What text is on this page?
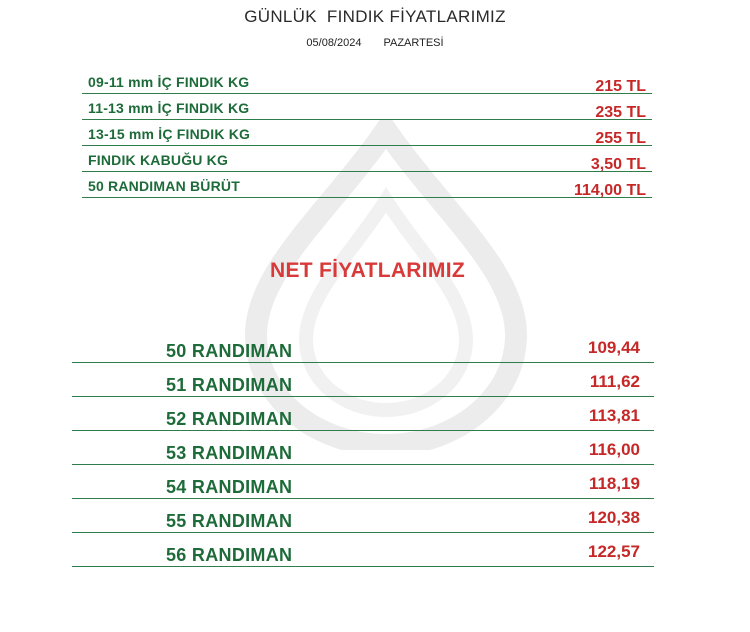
GÜNLÜK  FINDIK FİYATLARIMIZ
05/08/2024 PAZARTESİ
09-11 mm İÇ FINDIK KG	215 TL
11-13 mm İÇ FINDIK KG	235 TL
13-15 mm İÇ FINDIK KG	255 TL
FINDIK KABUĞU KG	3,50 TL
50 RANDIMAN BÜRÜT	114,00 TL
NET FİYATLARIMIZ
50 RANDIMAN	109,44
51 RANDIMAN	111,62
52 RANDIMAN	113,81
53 RANDIMAN	116,00
54 RANDIMAN	118,19
55 RANDIMAN	120,38
56 RANDIMAN	122,57
